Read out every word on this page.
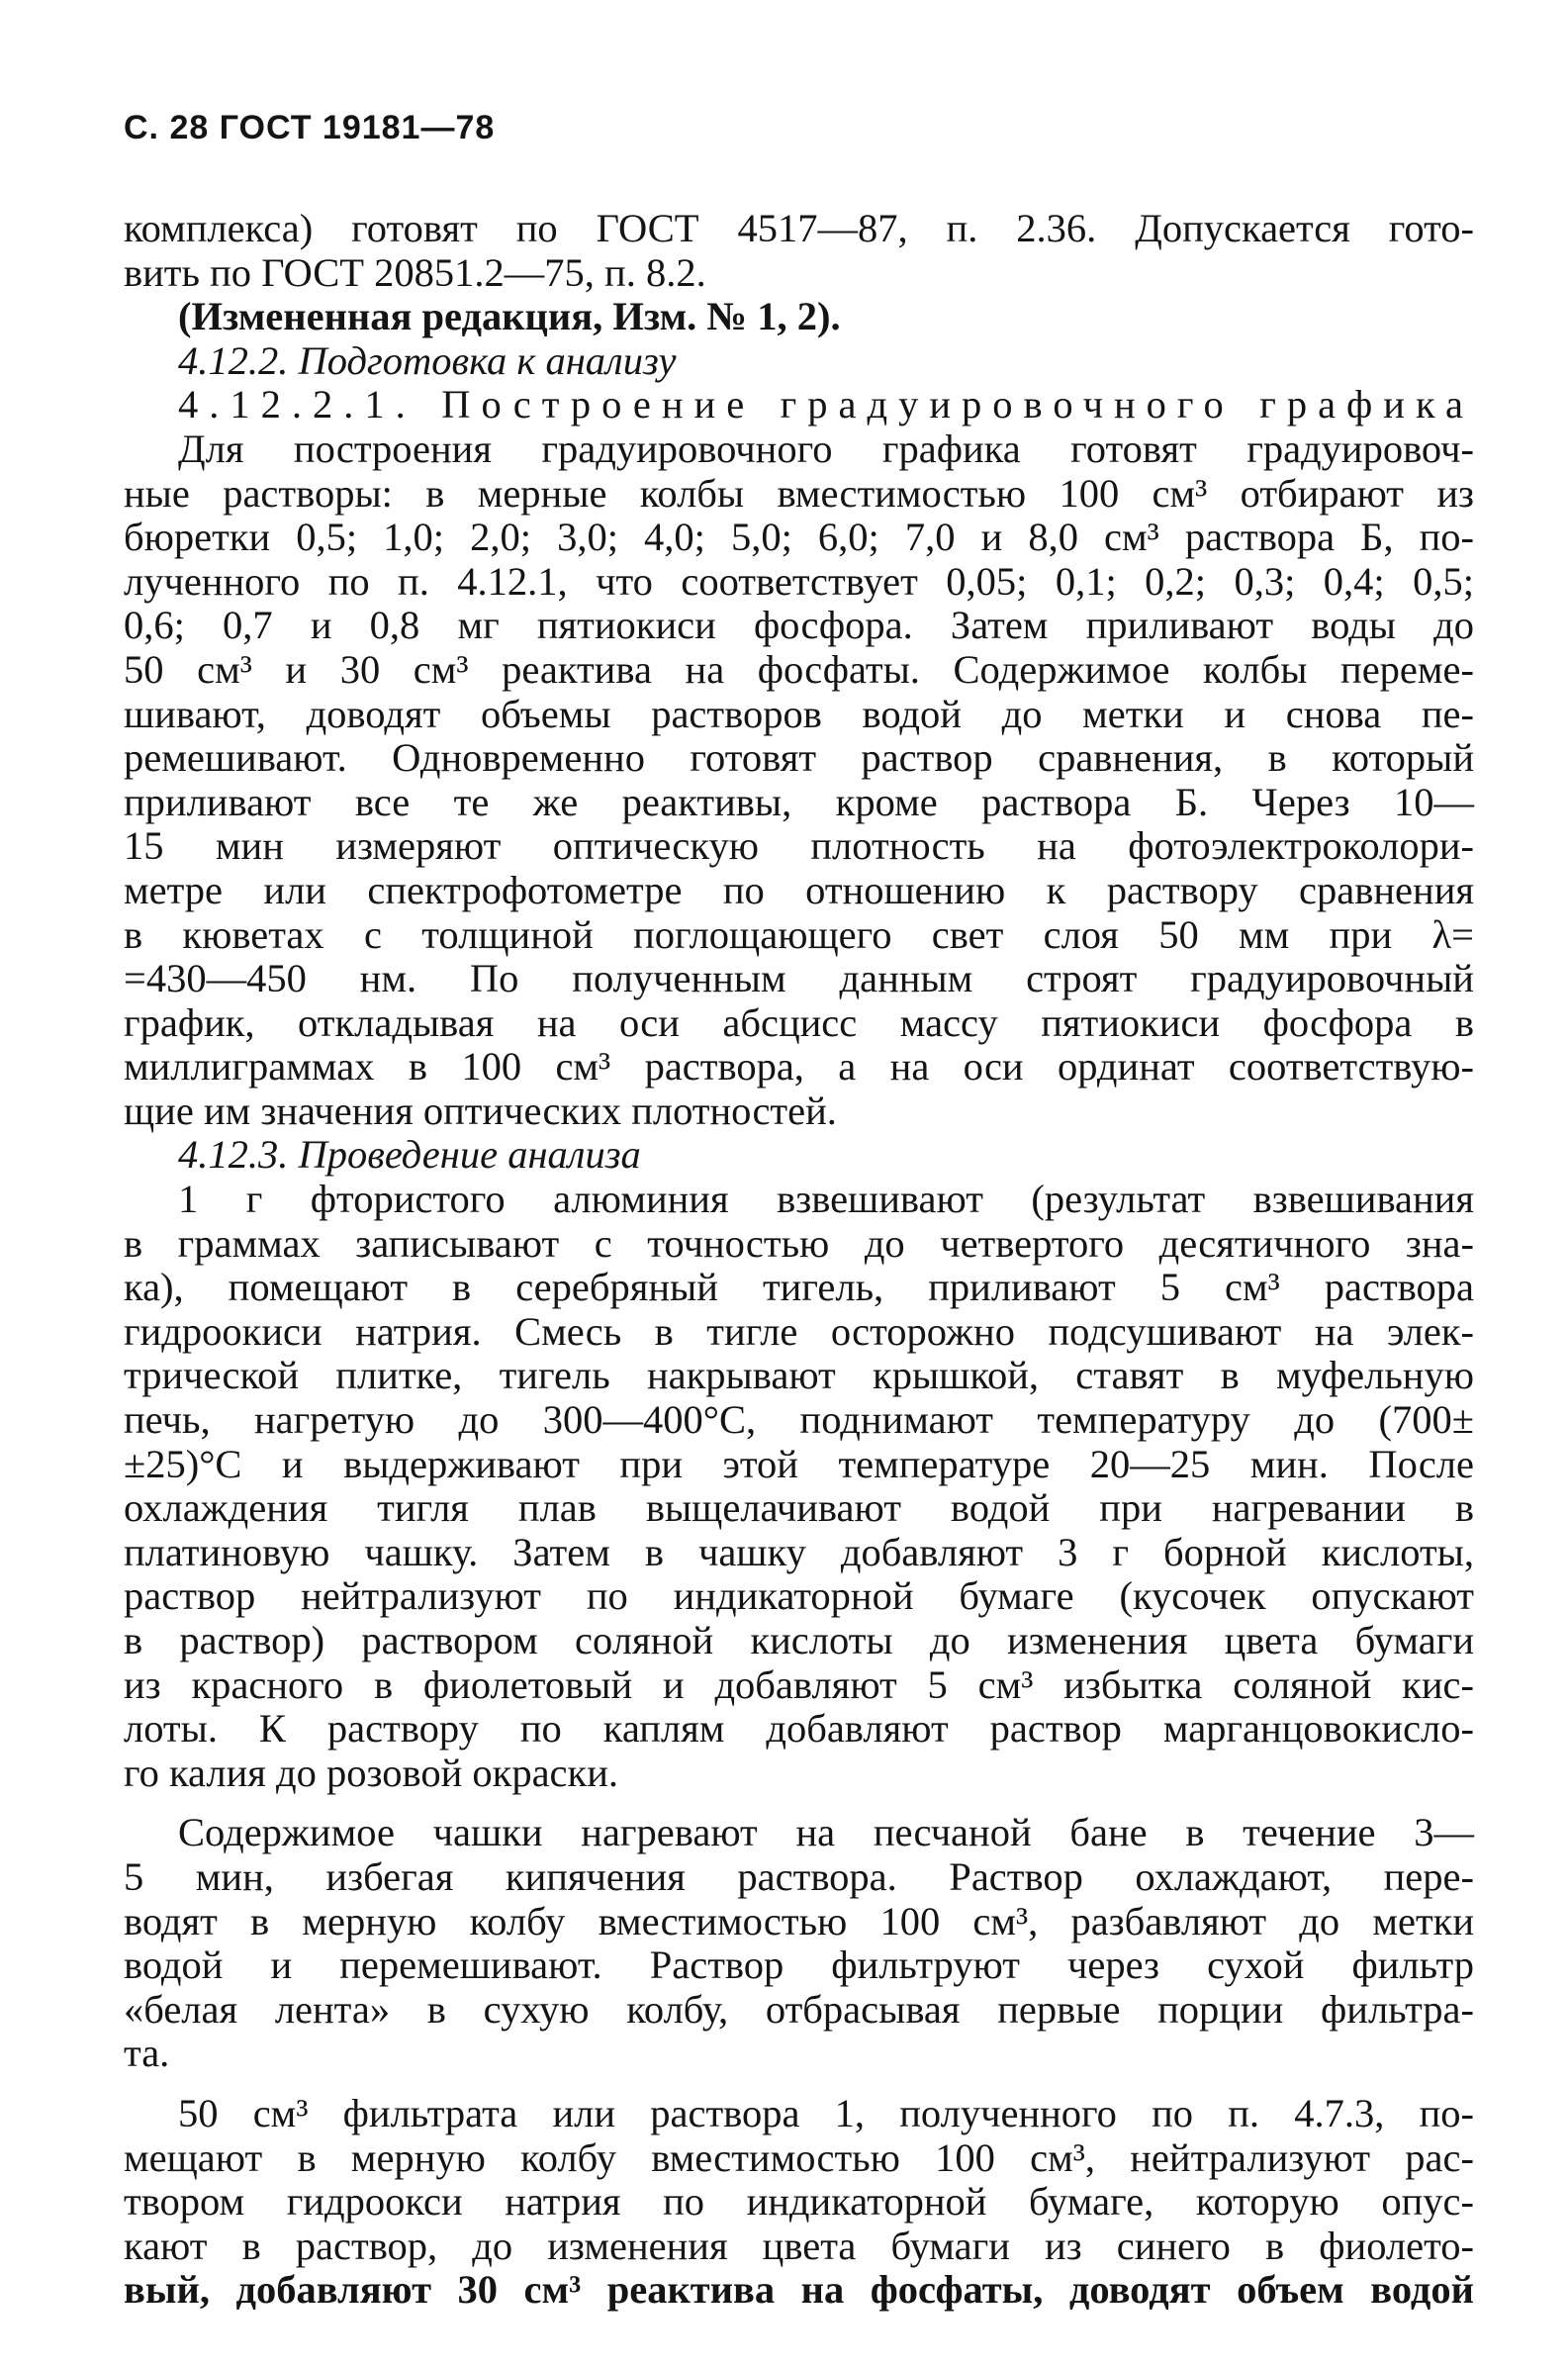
С. 28 ГОСТ 19181—78
комплекса) готовят по ГОСТ 4517—87, п. 2.36. Допускается гото-
вить по ГОСТ 20851.2—75, п. 8.2.
(Измененная редакция, Изм. № 1, 2).
4.12.2. Подготовка к анализу
4.12.2.1. Построение градуировочного графика
Для построения градуировочного графика готовят градуировоч-
ные растворы: в мерные колбы вместимостью 100 см³ отбирают из
бюретки 0,5; 1,0; 2,0; 3,0; 4,0; 5,0; 6,0; 7,0 и 8,0 см³ раствора Б, по-
лученного по п. 4.12.1, что соответствует 0,05; 0,1; 0,2; 0,3; 0,4; 0,5;
0,6; 0,7 и 0,8 мг пятиокиси фосфора. Затем приливают воды до
50 см³ и 30 см³ реактива на фосфаты. Содержимое колбы переме-
шивают, доводят объемы растворов водой до метки и снова пе-
ремешивают. Одновременно готовят раствор сравнения, в который
приливают все те же реактивы, кроме раствора Б. Через 10—
15 мин измеряют оптическую плотность на фотоэлектроколори-
метре или спектрофотометре по отношению к раствору сравнения
в кюветах с толщиной поглощающего свет слоя 50 мм при λ=
=430—450 нм. По полученным данным строят градуировочный
график, откладывая на оси абсцисс массу пятиокиси фосфора в
миллиграммах в 100 см³ раствора, а на оси ординат соответствую-
щие им значения оптических плотностей.
4.12.3. Проведение анализа
1 г фтористого алюминия взвешивают (результат взвешивания
в граммах записывают с точностью до четвертого десятичного зна-
ка), помещают в серебряный тигель, приливают 5 см³ раствора
гидроокиси натрия. Смесь в тигле осторожно подсушивают на элек-
трической плитке, тигель накрывают крышкой, ставят в муфельную
печь, нагретую до 300—400°С, поднимают температуру до (700±
±25)°С и выдерживают при этой температуре 20—25 мин. После
охлаждения тигля плав выщелачивают водой при нагревании в
платиновую чашку. Затем в чашку добавляют 3 г борной кислоты,
раствор нейтрализуют по индикаторной бумаге (кусочек опускают
в раствор) раствором соляной кислоты до изменения цвета бумаги
из красного в фиолетовый и добавляют 5 см³ избытка соляной кис-
лоты. К раствору по каплям добавляют раствор марганцовокисло-
го калия до розовой окраски.
Содержимое чашки нагревают на песчаной бане в течение 3—
5 мин, избегая кипячения раствора. Раствор охлаждают, пере-
водят в мерную колбу вместимостью 100 см³, разбавляют до метки
водой и перемешивают. Раствор фильтруют через сухой фильтр
«белая лента» в сухую колбу, отбрасывая первые порции фильтра-
та.
50 см³ фильтрата или раствора 1, полученного по п. 4.7.3, по-
мещают в мерную колбу вместимостью 100 см³, нейтрализуют рас-
твором гидроокси натрия по индикаторной бумаге, которую опус-
кают в раствор, до изменения цвета бумаги из синего в фиолето-
вый, добавляют 30 см³ реактива на фосфаты, доводят объем водой
